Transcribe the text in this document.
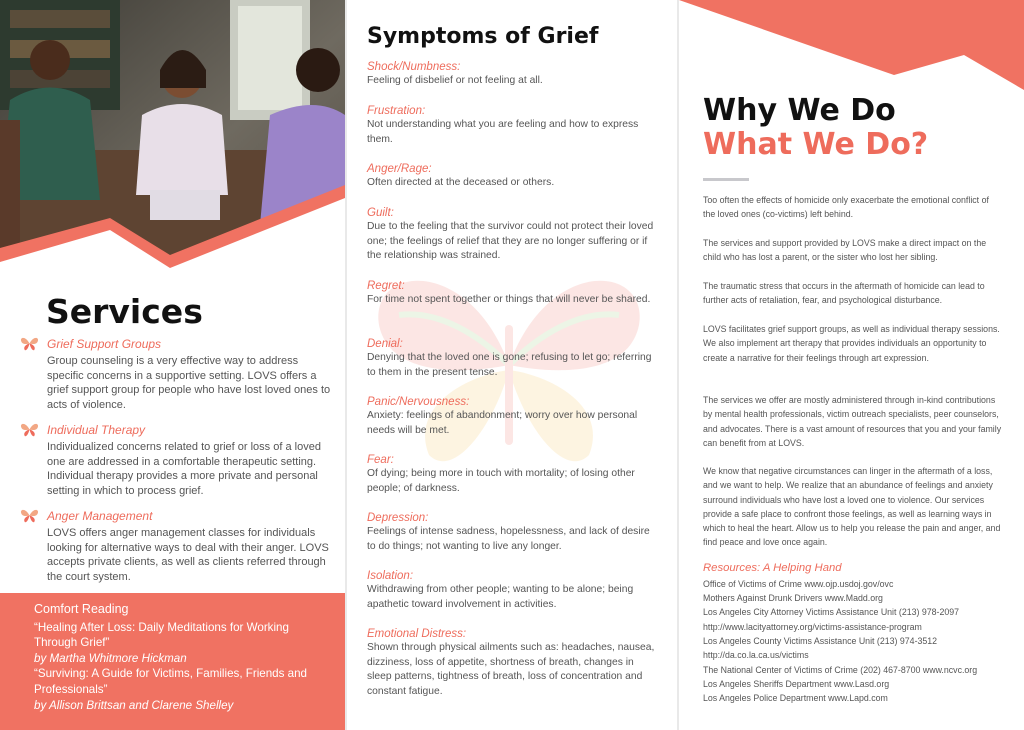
Services
Grief Support Groups

Group counseling is a very effective way to address specific concerns in a supportive setting. LOVS offers a grief support group for people who have lost loved ones to acts of violence.

Individual Therapy

Individualized concerns related to grief or loss of a loved one are addressed in a comfortable therapeutic setting. Individual therapy provides a more private and personal setting in which to process grief.

Anger Management

LOVS offers anger management classes for individuals looking for alternative ways to deal with their anger. LOVS accepts private clients, as well as clients referred through the court system.

Comfort Reading
“Healing After Loss: Daily Meditations for Working Through Grief”
by Martha Whitmore Hickman
“Surviving: A Guide for Victims, Families, Friends and Professionals”
by Allison Brittsan and Clarene Shelley
Symptoms of Grief
Shock/Numbness:
Feeling of disbelief or not feeling at all.
Frustration:
Not understanding what you are feeling and how to express them.
Anger/Rage:
Often directed at the deceased or others.
Guilt:
Due to the feeling that the survivor could not protect their loved one; the feelings of relief that they are no longer suffering or if the relationship was strained.
Regret:
For time not spent together or things that will never be shared.
Denial:
Denying that the loved one is gone; refusing to let go; referring to them in the present tense.
Panic/Nervousness:
Anxiety: feelings of abandonment; worry over how personal needs will be met.
Fear:
Of dying; being more in touch with mortality; of losing other people; of darkness.
Depression:
Feelings of intense sadness, hopelessness, and lack of desire to do things; not wanting to live any longer.
Isolation:
Withdrawing from other people; wanting to be alone; being apathetic toward involvement in activities.
Emotional Distress:
Shown through physical ailments such as: headaches, nausea, dizziness, loss of appetite, shortness of breath, changes in sleep patterns, tightness of breath, loss of concentration and constant fatigue.
Why We Do
What We Do?
Too often the effects of homicide only exacerbate the emotional conflict of the loved ones (co-victims) left behind.
The services and support provided by LOVS make a direct impact on the child who has lost a parent, or the sister who lost her sibling.
The traumatic stress that occurs in the aftermath of homicide can lead to further acts of retaliation, fear, and psychological disturbance.
LOVS facilitates grief support groups, as well as individual therapy sessions. We also implement art therapy that provides individuals an opportunity to create a narrative for their feelings through art expression.
The services we offer are mostly administered through in-kind contributions by mental health professionals, victim outreach specialists, peer counselors, and advocates. There is a vast amount of resources that you and your family can benefit from at LOVS.
We know that negative circumstances can linger in the aftermath of a loss, and we want to help. We realize that an abundance of feelings and anxiety surround individuals who have lost a loved one to violence. Our services provide a safe place to confront those feelings, as well as learning ways in which to heal the heart. Allow us to help you release the pain and anger, and find peace and love once again.
Resources: A Helping Hand
Office of Victims of Crime www.ojp.usdoj.gov/ovc
Mothers Against Drunk Drivers www.Madd.org
Los Angeles City Attorney Victims Assistance Unit (213) 978-2097
http://www.lacityattorney.org/victims-assistance-program
Los Angeles County Victims Assistance Unit (213) 974-3512
http://da.co.la.ca.us/victims
The National Center of Victims of Crime (202) 467-8700 www.ncvc.org
Los Angeles Sheriffs Department www.Lasd.org
Los Angeles Police Department www.Lapd.com
